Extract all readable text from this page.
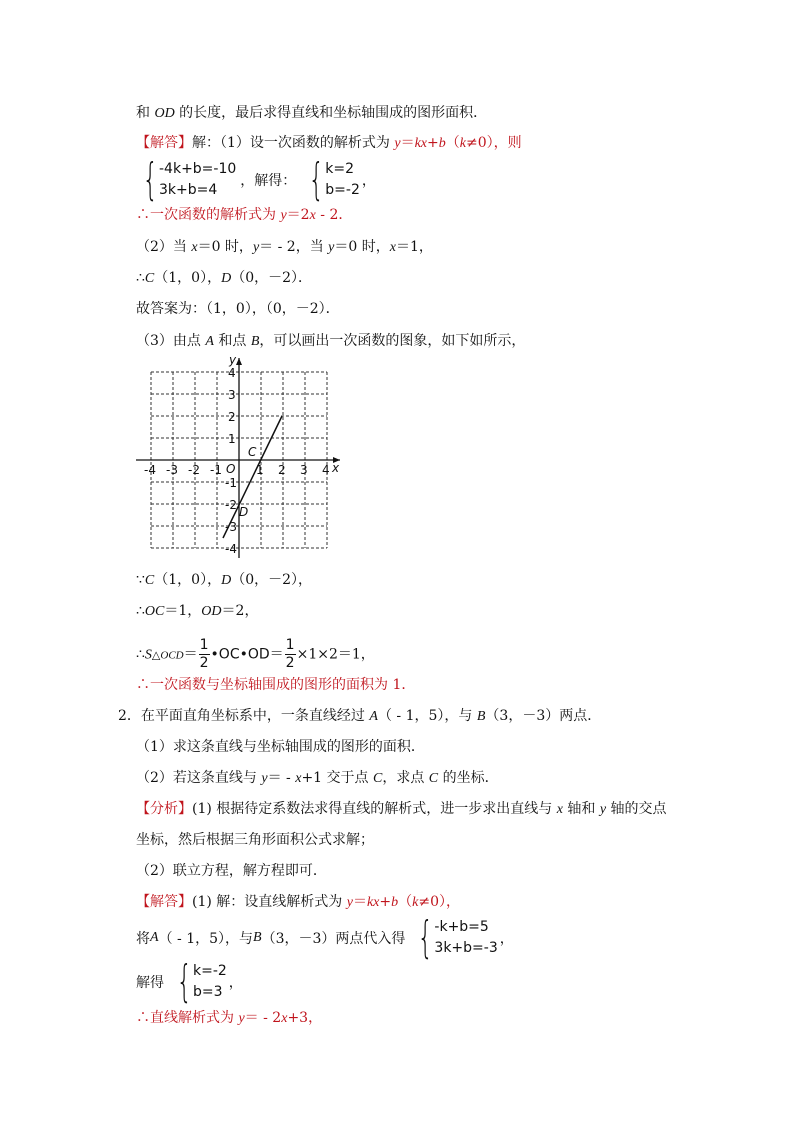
和 OD 的长度，最后求得直线和坐标轴围成的图形面积．
【解答】解：（1）设一次函数的解析式为 y＝kx+b（k≠0），则
{ -4k+b=-10
3k+b=4
，解得： { k=2
b=-2
，
∴一次函数的解析式为 y＝2x - 2．
（2）当 x＝0 时，y＝ - 2，当 y＝0 时，x＝1，
∴C（1，0），D（0，－2）．
故答案为：（1，0），（0，－2）．
（3）由点 A 和点 B，可以画出一次函数的图象，如下如所示，
y
x
O
-4 -3 -2 -1	1 2 3 4
4
3
2
1
-1
-2
-3
-4
C
D
∵C（1，0），D（0，－2），
∴OC＝1，OD＝2，
∴S△OCD＝ $\frac{1}{2}$ •OC•OD＝ $\frac{1}{2} \times 1\times 2=1$，
∴一次函数与坐标轴围成的图形的面积为 1．
2．在平面直角坐标系中，一条直线经过 A（ - 1，5），与 B（3，－3）两点．
（1）求这条直线与坐标轴围成的图形的面积．
（2）若这条直线与 y＝ - x+1 交于点 C，求点 C 的坐标．
【分析】(1) 根据待定系数法求得直线的解析式，进一步求出直线与 x 轴和 y 轴的交点
坐标，然后根据三角形面积公式求解；
（2）联立方程，解方程即可．
【解答】(1) 解：设直线解析式为 y＝kx+b（k≠0），
将 A （ - 1，5），与 B （3，－3）两点代入得 { -k+b=5
3k+b=-3
，
解得 { k=-2
b=3
，
∴直线解析式为 y＝ - 2x+3，
